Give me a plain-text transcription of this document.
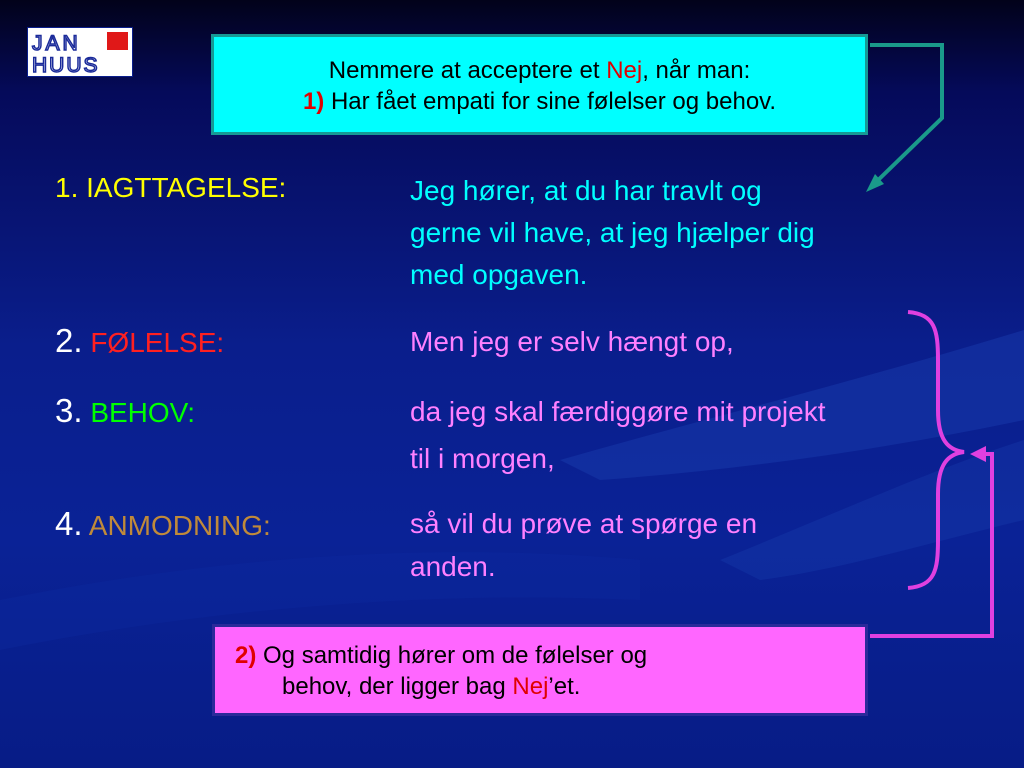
JAN
HUUS	Nemmere at acceptere et Nej, når man:
1) Har fået empati for sine følelser og behov.
1. IAGTTAGELSE:	Jeg hører, at du har travlt og
gerne vil have, at jeg hjælper dig
med opgaven.
2. FØLELSE:	Men jeg er selv hængt op,
3. BEHOV:	da jeg skal færdiggøre mit projekt
til i morgen,
4. ANMODNING:	så vil du prøve at spørge en
anden.
2) Og samtidig hører om de følelser og
behov, der ligger bag Nej’et.
